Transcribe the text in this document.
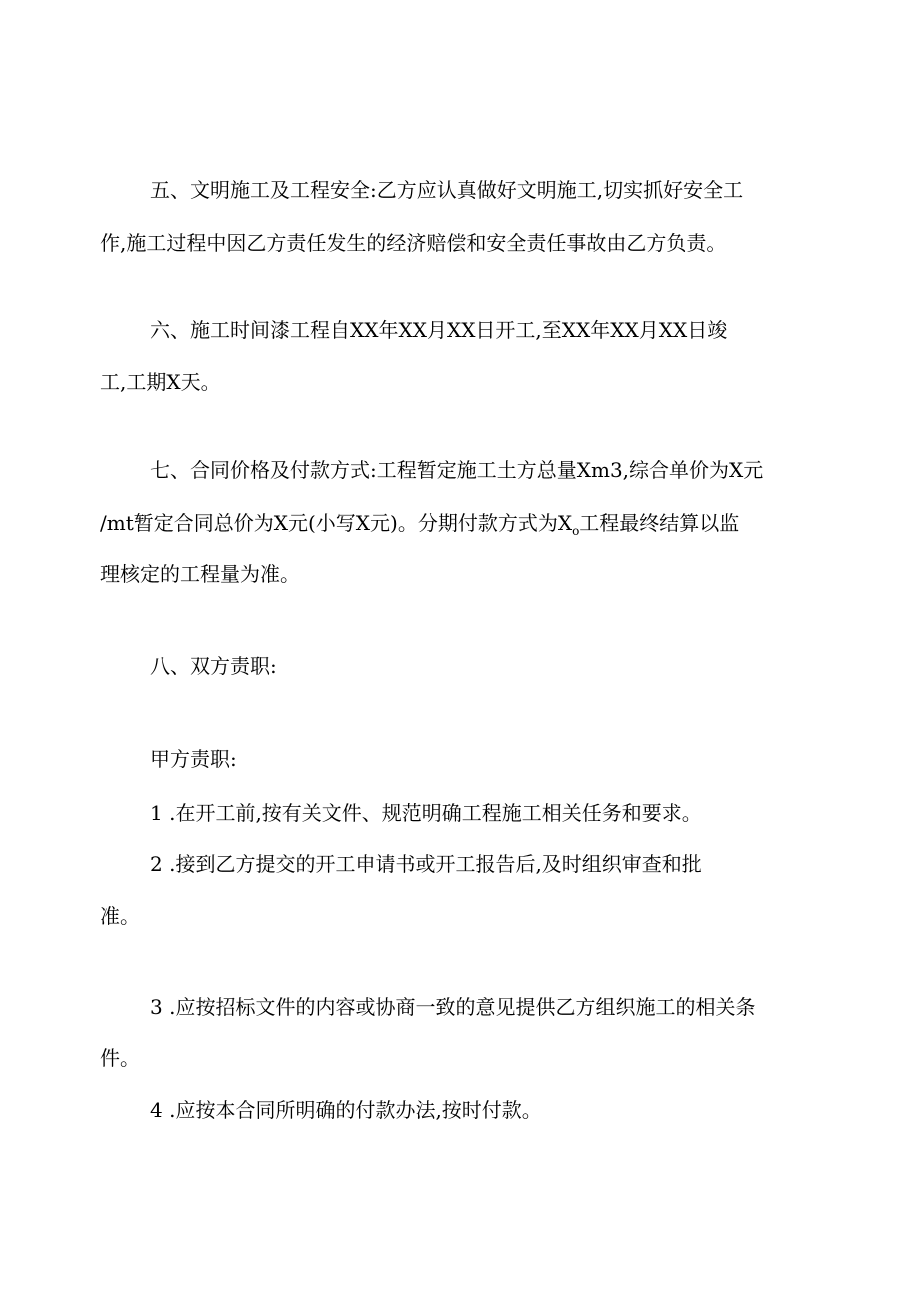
五、文明施工及工程安全:乙方应认真做好文明施工,切实抓好安全工

作,施工过程中因乙方责任发生的经济赔偿和安全责任事故由乙方负责。

六、施工时间漆工程自XX年XX月XX日开工,至XX年XX月XX日竣

工,工期X天。

七、合同价格及付款方式:工程暂定施工土方总量Xm3,综合单价为X元

/mt暂定合同总价为X元(小写X元)。分期付款方式为$X_o$工程最终结算以监

理核定的工程量为准。

八、双方责职:

甲方责职:

1 .在开工前,按有关文件、规范明确工程施工相关任务和要求。

2 .接到乙方提交的开工申请书或开工报告后,及时组织审查和批

准。

3 .应按招标文件的内容或协商一致的意见提供乙方组织施工的相关条

件。

4 .应按本合同所明确的付款办法,按时付款。
